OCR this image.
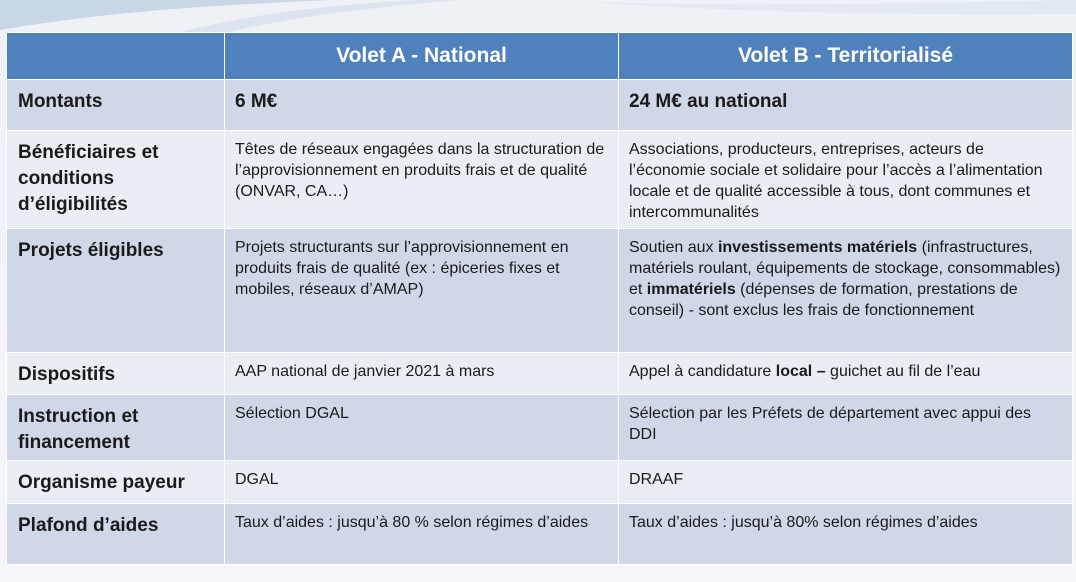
	Volet A - National	Volet B - Territorialisé
Montants	6 M€	24 M€ au national
Bénéficiaires et conditions d’éligibilités	Têtes de réseaux engagées dans la structuration de l’approvisionnement en produits frais et de qualité (ONVAR, CA…)	Associations, producteurs, entreprises, acteurs de l’économie sociale et solidaire pour l’accès a l’alimentation locale et de qualité accessible à tous, dont communes et intercommunalités
Projets éligibles	Projets structurants sur l’approvisionnement en produits frais de qualité (ex : épiceries fixes et mobiles, réseaux d’AMAP)	Soutien aux investissements matériels (infrastructures, matériels roulant, équipements de stockage, consommables) et immatériels (dépenses de formation, prestations de conseil) - sont exclus les frais de fonctionnement
Dispositifs	AAP national de janvier 2021 à mars	Appel à candidature local – guichet au fil de l’eau
Instruction et financement	Sélection DGAL	Sélection par les Préfets de département avec appui des DDI
Organisme payeur	DGAL	DRAAF
Plafond d’aides	Taux d’aides : jusqu’à 80 % selon régimes d’aides	Taux d’aides : jusqu’à 80% selon régimes d’aides
